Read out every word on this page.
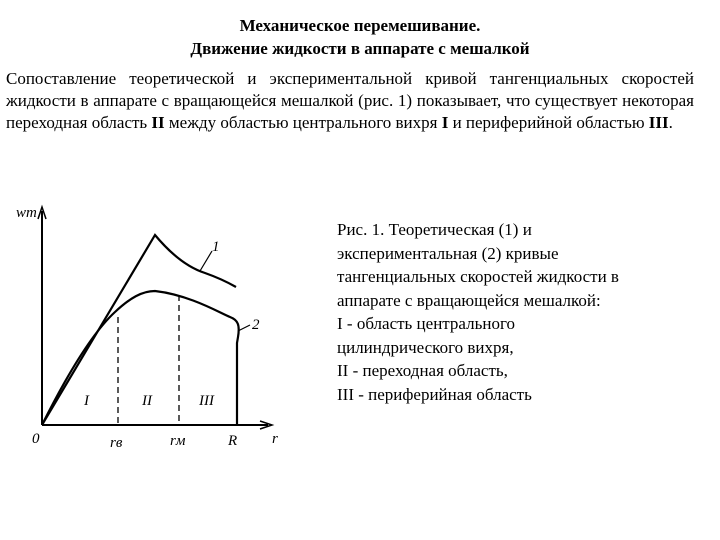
Механическое перемешивание.
Движение жидкости в аппарате с мешалкой
Сопоставление теоретической и экспериментальной кривой тангенциальных скоростей жидкости в аппарате с вращающейся мешалкой (рис. 1) показывает, что существует некоторая переходная область II между областью центрального вихря I и периферийной областью III.
wт
r
0	rв	rм	R
1
2
I	II	III
Рис. 1. Теоретическая (1) и
экспериментальная (2) кривые
тангенциальных скоростей жидкости в
аппарате с вращающейся мешалкой:
I - область центрального
цилиндрического вихря,
II - переходная область,
III - периферийная область
